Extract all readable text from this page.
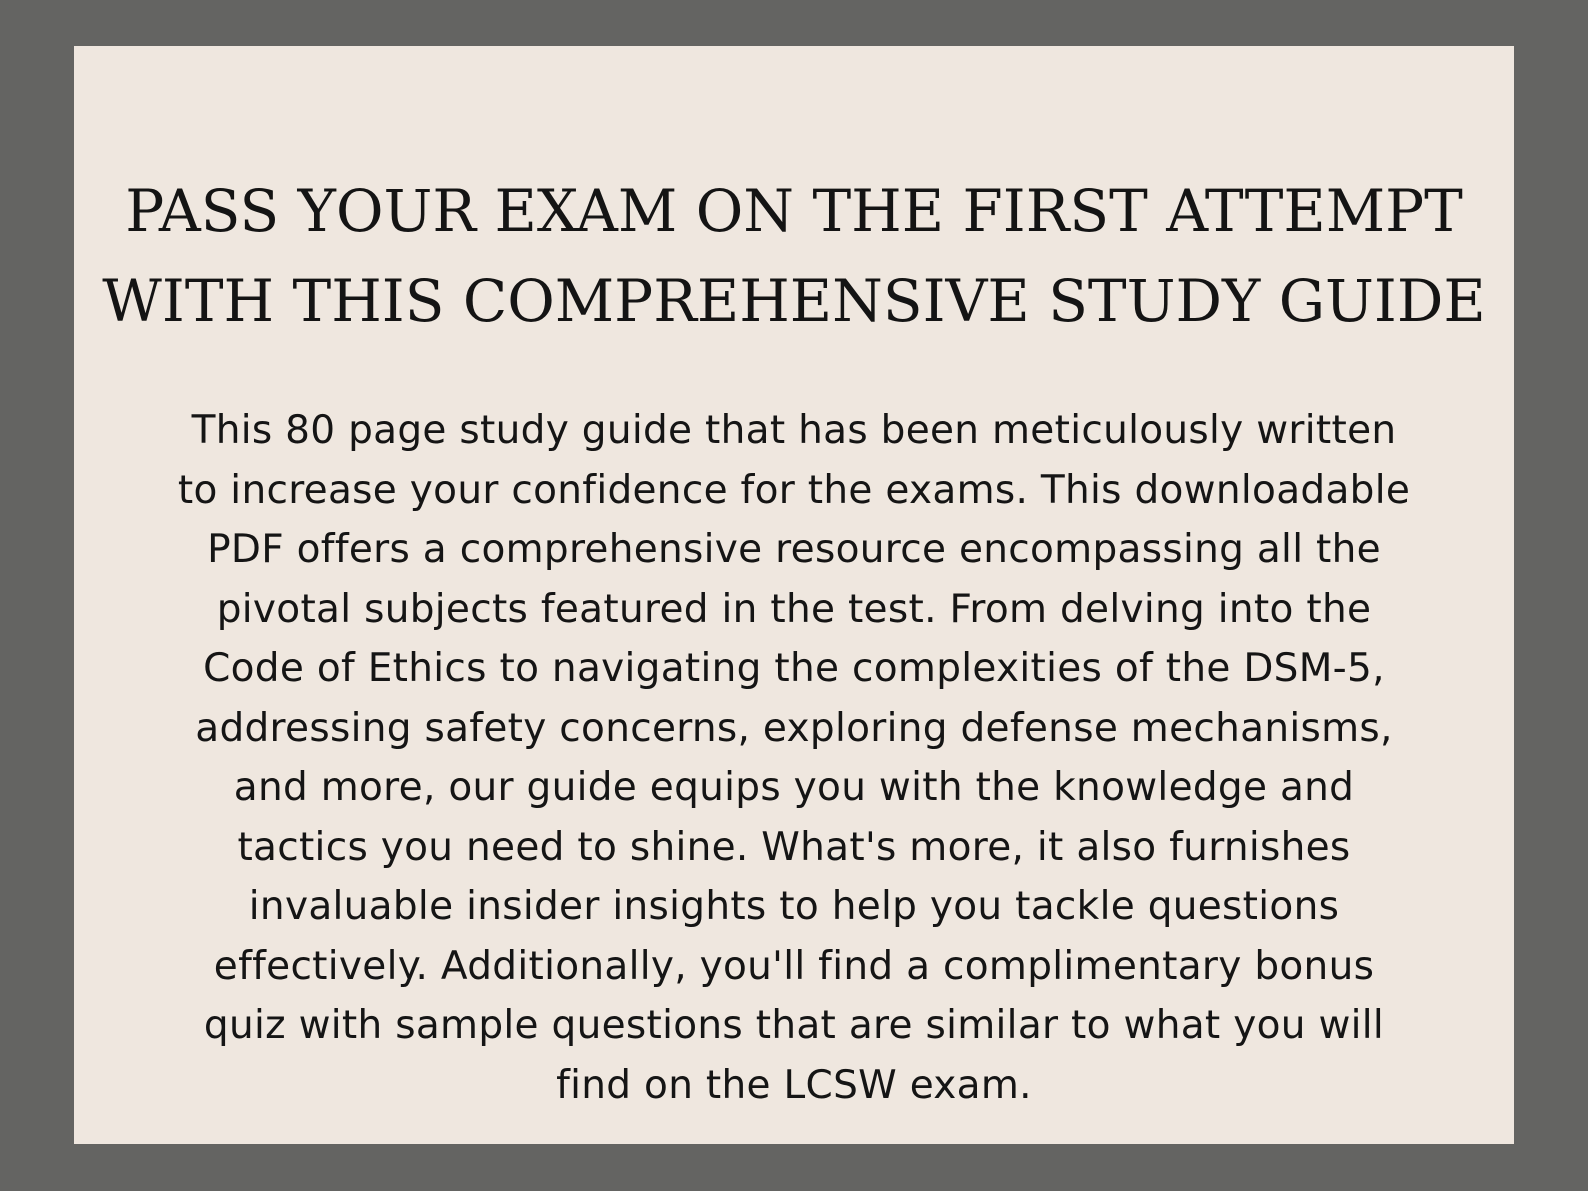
PASS YOUR EXAM ON THE FIRST ATTEMPT
WITH THIS COMPREHENSIVE STUDY GUIDE

This 80 page study guide that has been meticulously written
to increase your confidence for the exams. This downloadable
PDF offers a comprehensive resource encompassing all the
pivotal subjects featured in the test. From delving into the
Code of Ethics to navigating the complexities of the DSM-5,
addressing safety concerns, exploring defense mechanisms,
and more, our guide equips you with the knowledge and
tactics you need to shine. What's more, it also furnishes
invaluable insider insights to help you tackle questions
effectively. Additionally, you'll find a complimentary bonus
quiz with sample questions that are similar to what you will
find on the LCSW exam.
